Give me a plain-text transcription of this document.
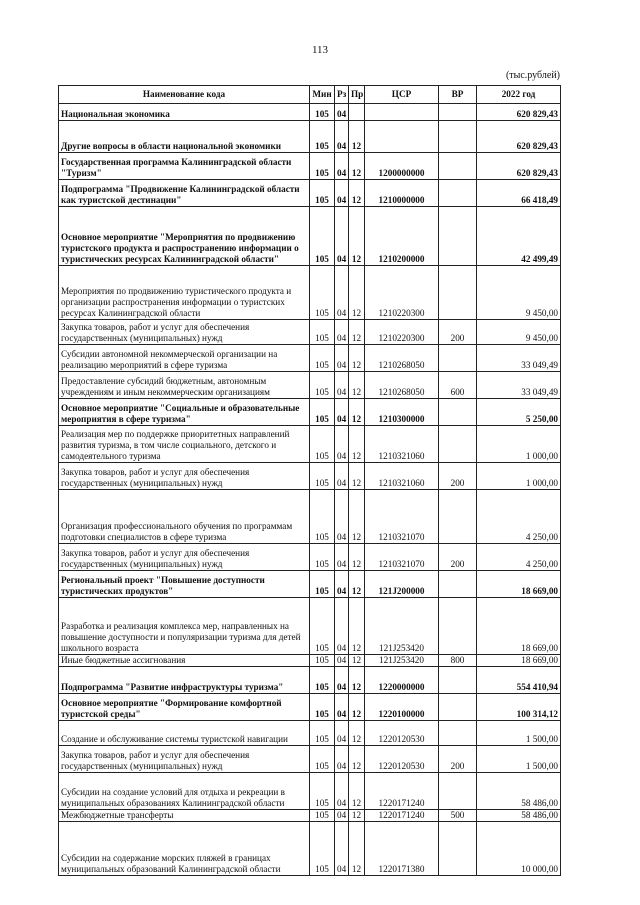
113
(тыс.рублей)
Наименование кода	Мин	Рз	Пр	ЦСР	ВР	2022 год
Национальная экономика	105	04				620 829,43
Другие вопросы в области национальной экономики	105	04	12			620 829,43
Государственная программа Калининградской области "Туризм"	105	04	12	1200000000		620 829,43
Подпрограмма "Продвижение Калининградской области как туристской дестинации"	105	04	12	1210000000		66 418,49
Основное мероприятие "Мероприятия по продвижению туристского продукта и распространению информации о туристических ресурсах Калининградской области"	105	04	12	1210200000		42 499,49
Мероприятия по продвижению туристического продукта и организации распространения информации о туристских ресурсах Калининградской области	105	04	12	1210220300		9 450,00
Закупка товаров, работ и услуг для обеспечения государственных (муниципальных) нужд	105	04	12	1210220300	200	9 450,00
Субсидии автономной некоммерческой организации на реализацию мероприятий в сфере туризма	105	04	12	1210268050		33 049,49
Предоставление субсидий бюджетным, автономным учреждениям и иным некоммерческим организациям	105	04	12	1210268050	600	33 049,49
Основное мероприятие "Социальные и образовательные мероприятия в сфере туризма"	105	04	12	1210300000		5 250,00
Реализация мер по поддержке приоритетных направлений развития туризма, в том числе социального, детского и самодеятельного туризма	105	04	12	1210321060		1 000,00
Закупка товаров, работ и услуг для обеспечения государственных (муниципальных) нужд	105	04	12	1210321060	200	1 000,00
Организация профессионального обучения по программам подготовки специалистов в сфере туризма	105	04	12	1210321070		4 250,00
Закупка товаров, работ и услуг для обеспечения государственных (муниципальных) нужд	105	04	12	1210321070	200	4 250,00
Региональный проект "Повышение доступности туристических продуктов"	105	04	12	121J200000		18 669,00
Разработка и реализация комплекса мер, направленных на повышение доступности и популяризации туризма для детей школьного возраста	105	04	12	121J253420		18 669,00
Иные бюджетные ассигнования	105	04	12	121J253420	800	18 669,00
Подпрограмма "Развитие инфраструктуры туризма"	105	04	12	1220000000		554 410,94
Основное мероприятие "Формирование комфортной туристской среды"	105	04	12	1220100000		100 314,12
Создание и обслуживание системы туристской навигации	105	04	12	1220120530		1 500,00
Закупка товаров, работ и услуг для обеспечения государственных (муниципальных) нужд	105	04	12	1220120530	200	1 500,00
Субсидии на создание условий для отдыха и рекреации в муниципальных образованиях Калининградской области	105	04	12	1220171240		58 486,00
Межбюджетные трансферты	105	04	12	1220171240	500	58 486,00
Субсидии на содержание морских пляжей в границах муниципальных образований Калининградской области	105	04	12	1220171380		10 000,00
